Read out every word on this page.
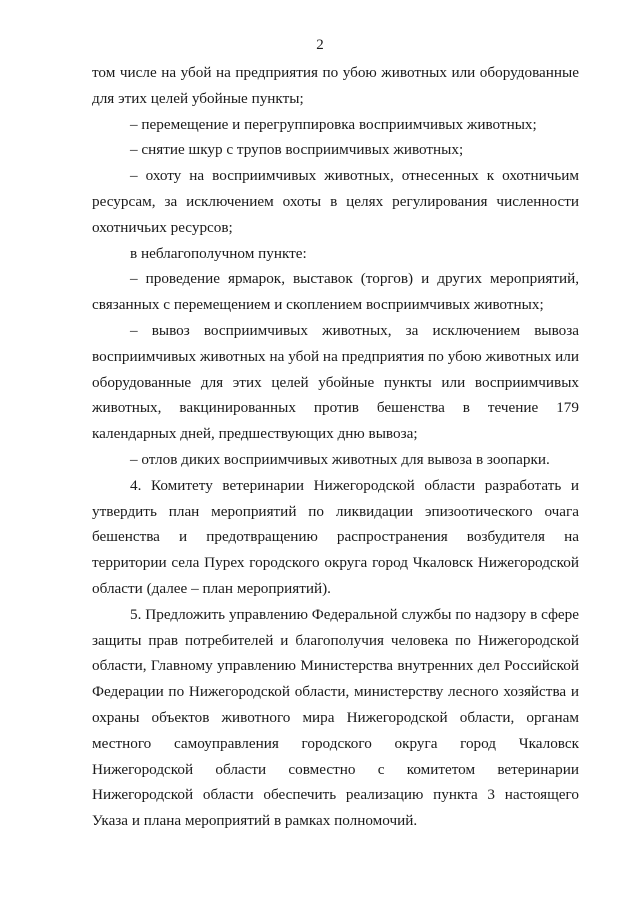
2

том числе на убой на предприятия по убою животных или оборудованные для этих целей убойные пункты;

– перемещение и перегруппировка восприимчивых животных;

– снятие шкур с трупов восприимчивых животных;

– охоту на восприимчивых животных, отнесенных к охотничьим ресурсам, за исключением охоты в целях регулирования численности охотничьих ресурсов;

в неблагополучном пункте:

– проведение ярмарок, выставок (торгов) и других мероприятий, связанных с перемещением и скоплением восприимчивых животных;

– вывоз восприимчивых животных, за исключением вывоза восприимчивых животных на убой на предприятия по убою животных или оборудованные для этих целей убойные пункты или восприимчивых животных, вакцинированных против бешенства в течение 179 календарных дней, предшествующих дню вывоза;

– отлов диких восприимчивых животных для вывоза в зоопарки.

4. Комитету ветеринарии Нижегородской области разработать и утвердить план мероприятий по ликвидации эпизоотического очага бешенства и предотвращению распространения возбудителя на территории села Пурех городского округа город Чкаловск Нижегородской области (далее – план мероприятий).

5. Предложить управлению Федеральной службы по надзору в сфере защиты прав потребителей и благополучия человека по Нижегородской области, Главному управлению Министерства внутренних дел Российской Федерации по Нижегородской области, министерству лесного хозяйства и охраны объектов животного мира Нижегородской области, органам местного самоуправления городского округа город Чкаловск Нижегородской области совместно с комитетом ветеринарии Нижегородской области обеспечить реализацию пункта 3 настоящего Указа и плана мероприятий в рамках полномочий.
